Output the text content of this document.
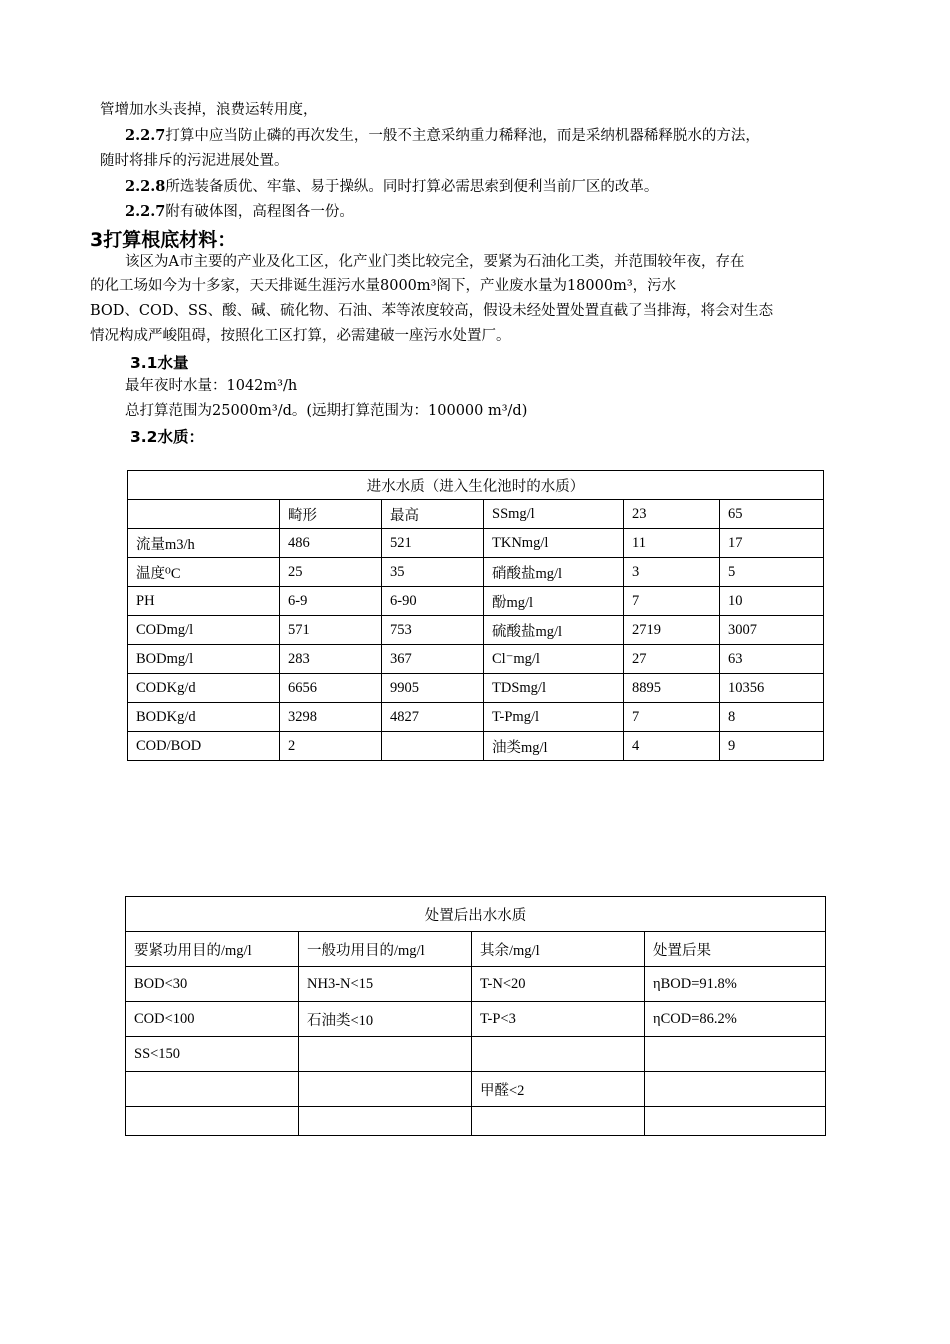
管增加水头丧掉，浪费运转用度，
2.2.7打算中应当防止磷的再次发生，一般不主意采纳重力稀释池，而是采纳机器稀释脱水的方法，
随时将排斥的污泥进展处置。
2.2.8所选装备质优、牢靠、易于操纵。同时打算必需思索到便利当前厂区的改革。
2.2.7附有破体图，高程图各一份。
3打算根底材料：
该区为A市主要的产业及化工区，化产业门类比较完全，要紧为石油化工类，并范围较年夜，存在
的化工场如今为十多家，天天排诞生涯污水量8000m³阁下，产业废水量为18000m³，污水
BOD、COD、SS、酸、碱、硫化物、石油、苯等浓度较高，假设未经处置处置直截了当排海，将会对生态
情况构成严峻阻碍，按照化工区打算，必需建破一座污水处置厂。
3.1水量
最年夜时水量：1042m³/h
总打算范围为25000m³/d。(远期打算范围为：100000 m³/d)
3.2水质：
进水水质（进入生化池时的水质）					
	畸形	最高	SSmg/l	23	65
流量m3/h	486	521	TKNmg/l	11	17
温度⁰C	25	35	硝酸盐mg/l	3	5
PH	6-9	6-90	酚mg/l	7	10
CODmg/l	571	753	硫酸盐mg/l	2719	3007
BODmg/l	283	367	Cl⁻mg/l	27	63
CODKg/d	6656	9905	TDSmg/l	8895	10356
BODKg/d	3298	4827	T-Pmg/l	7	8
COD/BOD	2		油类mg/l	4	9
处置后出水水质			
要紧功用目的/mg/l	一般功用目的/mg/l	其余/mg/l	处置后果
BOD<30	NH3-N<15	T-N<20	ηBOD=91.8%
COD<100	石油类<10	T-P<3	ηCOD=86.2%
SS<150			
		甲醛<2	
